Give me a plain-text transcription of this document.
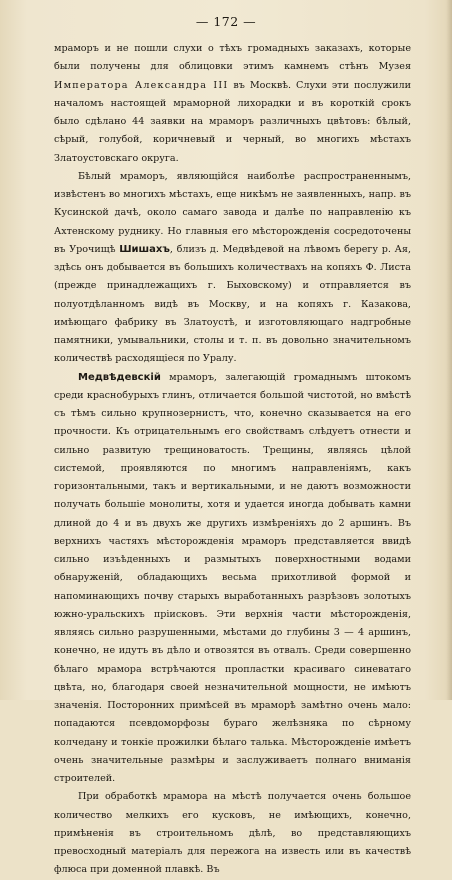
— 172 —

мраморъ и не пошли слухи о тѣхъ громадныхъ заказахъ, которые были получены для облицовки этимъ камнемъ стѣнъ Музея Императора Александра III въ Москвѣ. Слухи эти послужили началомъ настоящей мраморной лихорадки и въ короткій срокъ было сдѣлано 44 заявки на мраморъ различныхъ цвѣтовъ: бѣлый, сѣрый, голубой, коричневый и черный, во многихъ мѣстахъ Златоустовскаго округа.

Бѣлый мраморъ, являющійся наиболѣе распространеннымъ, извѣстенъ во многихъ мѣстахъ, еще никѣмъ не заявленныхъ, напр. въ Кусинской дачѣ, около самаго завода и далѣе по направленію къ Ахтенскому руднику. Но главныя его мѣсторожденія сосредоточены въ Урочищѣ Шишахъ, близъ д. Медвѣдевой на лѣвомъ берегу р. Ая, здѣсь онъ добывается въ большихъ количествахъ на копяхъ Ф. Листа (прежде принадлежащихъ г. Быховскому) и отправляется въ полуотдѣланномъ видѣ въ Москву, и на копяхъ г. Казакова, имѣющаго фабрику въ Златоустѣ, и изготовляющаго надгробные памятники, умывальники, столы и т. п. въ довольно значительномъ количествѣ расходящіеся по Уралу.

Медвѣдевскій мраморъ, залегающій громаднымъ штокомъ среди краснобурыхъ глинъ, отличается большой чистотой, но вмѣстѣ съ тѣмъ сильно крупнозернистъ, что, конечно сказывается на его прочности. Къ отрицательнымъ его свойствамъ слѣдуетъ отнести и сильно развитую трещиноватость. Трещины, являясь цѣлой системой, проявляются по многимъ направленіямъ, какъ горизонтальными, такъ и вертикальными, и не даютъ возможности получать большіе монолиты, хотя и удается иногда добывать камни длиной до 4 и въ двухъ же другихъ измѣреніяхъ до 2 аршинъ. Въ верхнихъ частяхъ мѣсторожденія мраморъ представляется ввидѣ сильно изъѣденныхъ и размытыхъ поверхностными водами обнаруженій, обладающихъ весьма прихотливой формой и напоминающихъ почву старыхъ выработанныхъ разрѣзовъ золотыхъ южно-уральскихъ пріисковъ. Эти верхнія части мѣсторожденія, являясь сильно разрушенными, мѣстами до глубины 3 — 4 аршинъ, конечно, не идутъ въ дѣло и отвозятся въ отвалъ. Среди совершенно бѣлаго мрамора встрѣчаются пропластки красиваго синеватаго цвѣта, но, благодаря своей незначительной мощности, не имѣютъ значенія. Посторонних примѣсей въ мраморѣ замѣтно очень мало: попадаются псевдоморфозы бураго желѣзняка по сѣрному колчедану и тонкіе прожилки бѣлаго талька. Мѣсторожденіе имѣетъ очень значительные размѣры и заслуживаетъ полнаго вниманія строителей.

При обработкѣ мрамора на мѣстѣ получается очень большое количество мелкихъ его кусковъ, не имѣющихъ, конечно, примѣненія въ строительномъ дѣлѣ, во представляющихъ превосходный матеріалъ для пережога на известь или въ качествѣ флюса при доменной плавкѣ. Въ
